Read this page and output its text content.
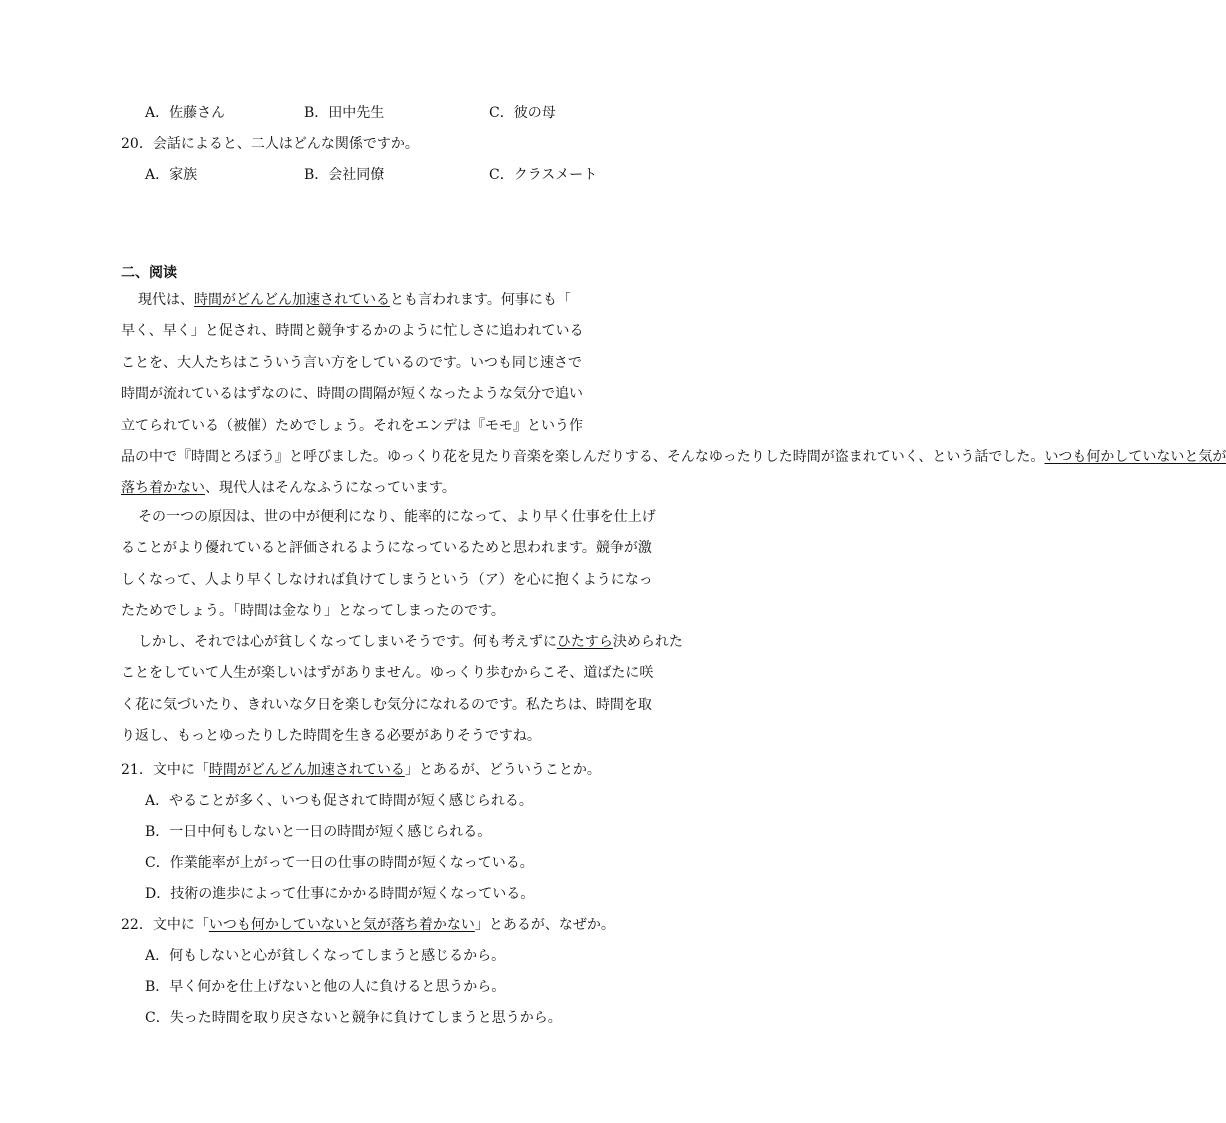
A．佐藤さん	B．田中先生	C．彼の母
20．会話によると、二人はどんな関係ですか。
A．家族	B．会社同僚	C．クラスメート
二、阅读
現代は、時間がどんどん加速されているとも言われます。何事にも「
早く、早く」と促され、時間と競争するかのように忙しさに追われている
ことを、大人たちはこういう言い方をしているのです。いつも同じ速さで
時間が流れているはずなのに、時間の間隔が短くなったような気分で追い
立てられている（被催）ためでしょう。それをエンデは『モモ』という作
品の中で『時間とろぼう』と呼びました。ゆっくり花を見たり音楽を楽しんだりする、そんなゆったりした時間が盗まれていく、という話でした。いつも何かしていないと気が
落ち着かない、現代人はそんなふうになっています。
その一つの原因は、世の中が便利になり、能率的になって、より早く仕事を仕上げ
ることがより優れていると評価されるようになっているためと思われます。競争が激
しくなって、人より早くしなければ負けてしまうという（ア）を心に抱くようになっ
たためでしょう。「時間は金なり」となってしまったのです。
しかし、それでは心が貧しくなってしまいそうです。何も考えずにひたすら決められた
ことをしていて人生が楽しいはずがありません。ゆっくり歩むからこそ、道ばたに咲
く花に気づいたり、きれいな夕日を楽しむ気分になれるのです。私たちは、時間を取
り返し、もっとゆったりした時間を生きる必要がありそうですね。
21．文中に「時間がどんどん加速されている」とあるが、どういうことか。
A．やることが多く、いつも促されて時間が短く感じられる。
B．一日中何もしないと一日の時間が短く感じられる。
C．作業能率が上がって一日の仕事の時間が短くなっている。
D．技術の進歩によって仕事にかかる時間が短くなっている。
22．文中に「いつも何かしていないと気が落ち着かない」とあるが、なぜか。
A．何もしないと心が貧しくなってしまうと感じるから。
B．早く何かを仕上げないと他の人に負けると思うから。
C．失った時間を取り戻さないと競争に負けてしまうと思うから。
